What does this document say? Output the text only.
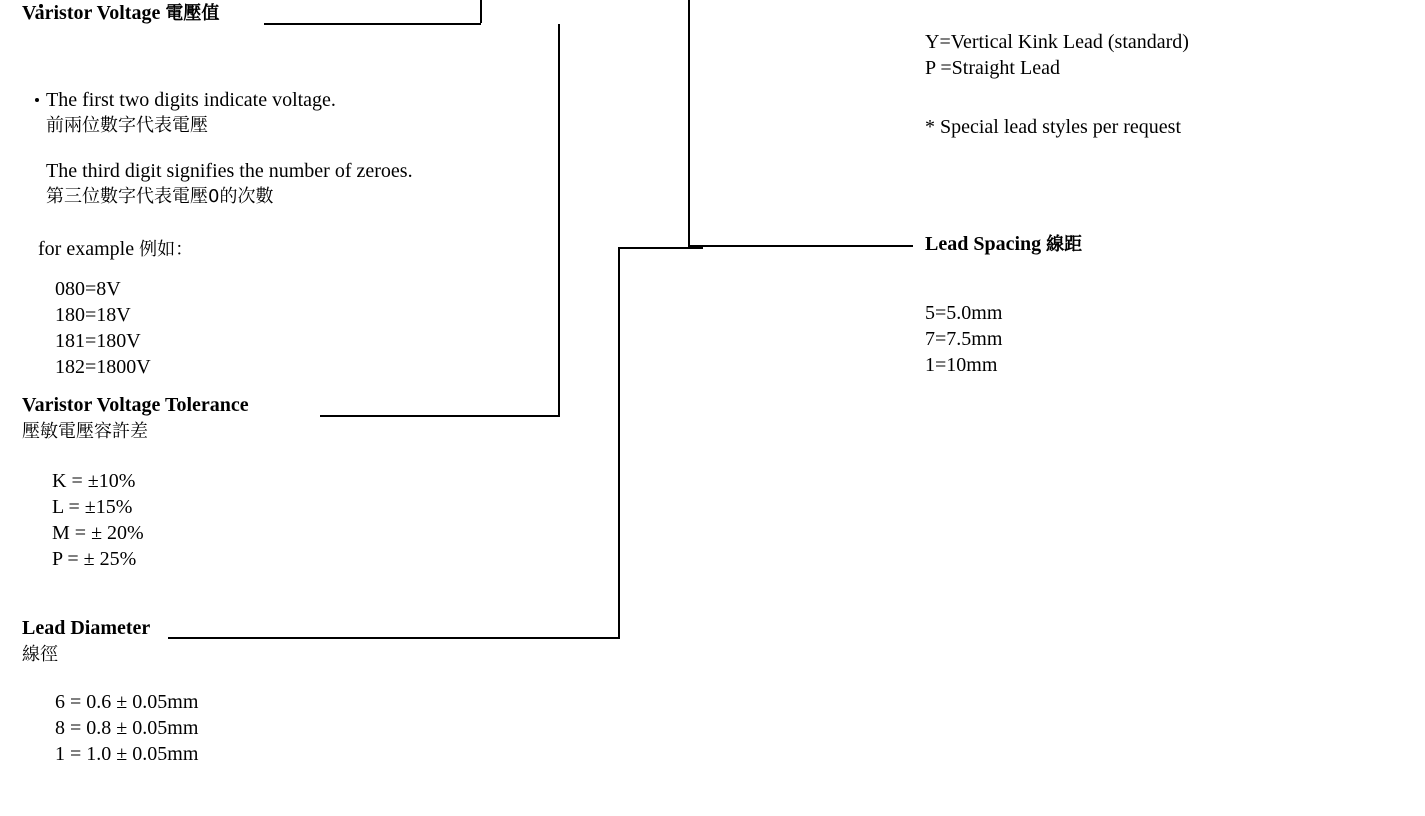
Varistor Voltage 電壓值
The first two digits indicate voltage.
前兩位數字代表電壓
The third digit signifies the number of zeroes.
第三位數字代表電壓0的次數
for example 例如：
080=8V
180=18V
181=180V
182=1800V
Varistor Voltage Tolerance
壓敏電壓容許差
K = ±10%
L = ±15%
M = ± 20%
P = ± 25%
Lead Diameter
線徑
6 = 0.6 ± 0.05mm
8 = 0.8 ± 0.05mm
1 = 1.0 ± 0.05mm
Y=Vertical Kink Lead (standard)
P =Straight Lead
* Special lead styles per request
Lead Spacing 線距
5=5.0mm
7=7.5mm
1=10mm
